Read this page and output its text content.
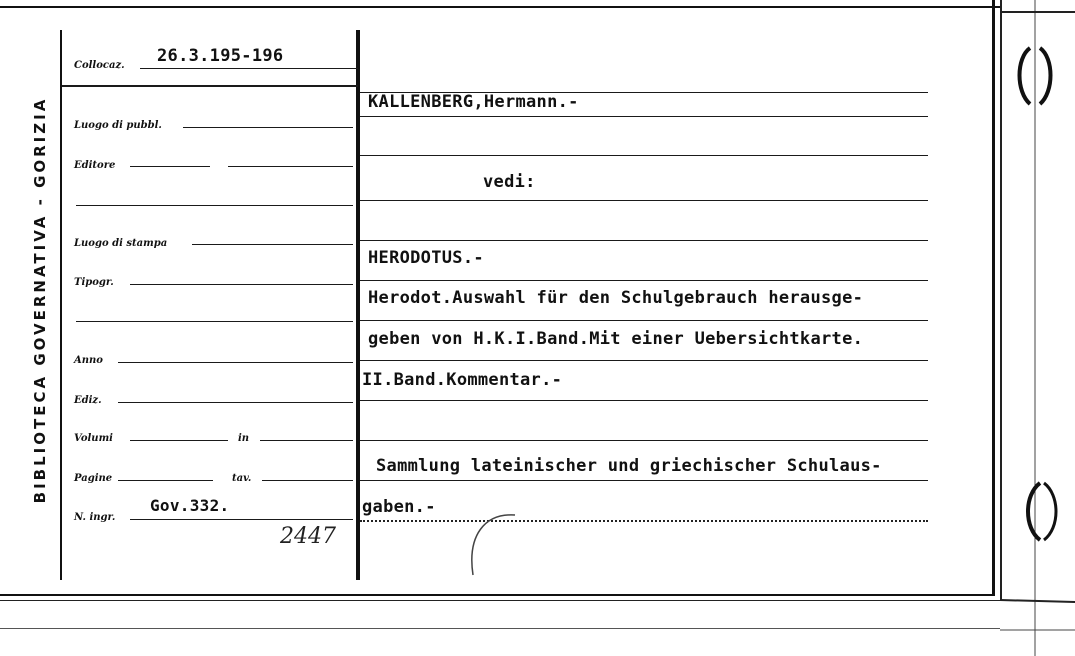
BIBLIOTECA GOVERNATIVA - GORIZIA
Collocaz. 26.3.195-196
Luogo di pubbl.
Editore
Luogo di stampa
Tipogr.
Anno
Ediz.
Volumi	in
Pagine	tav.
N. ingr.
Gov.332.
2447
KALLENBERG,Hermann.-
vedi:
HERODOTUS.-
Herodot.Auswahl für den Schulgebrauch herausge-
geben von H.K.I.Band.Mit einer Uebersichtkarte.
II.Band.Kommentar.-
Sammlung lateinischer und griechischer Schulaus-
gaben.-
